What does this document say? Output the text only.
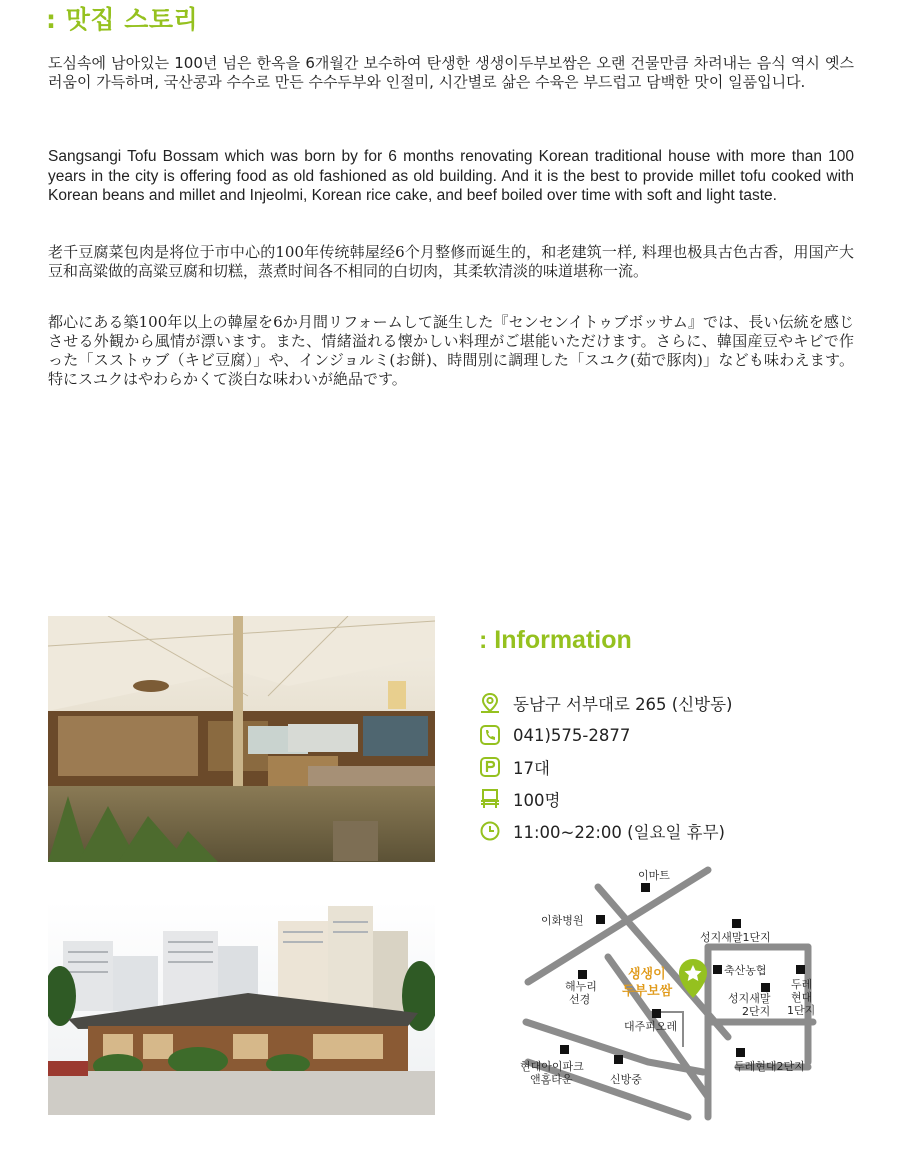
: 맛집 스토리

도심속에 남아있는 100년 넘은 한옥을 6개월간 보수하여 탄생한 생생이두부보쌈은 오랜 건물만큼 차려내는 음식 역시 옛스러움이 가득하며, 국산콩과 수수로 만든 수수두부와 인절미, 시간별로 삶은 수육은 부드럽고 담백한 맛이 일품입니다.

Sangsangi Tofu Bossam which was born by for 6 months renovating Korean traditional house with more than 100 years in the city is offering food as old fashioned as old building. And it is the best to provide millet tofu cooked with Korean beans and millet and Injeolmi, Korean rice cake, and beef boiled over time with soft and light taste.

老千豆腐菜包肉是将位于市中心的100年传统韩屋经6个月整修而诞生的，和老建筑一样, 料理也极具古色古香，用国产大豆和高粱做的高粱豆腐和切糕，蒸煮时间各不相同的白切肉，其柔软清淡的味道堪称一流。

都心にある築100年以上の韓屋を6か月間リフォームして誕生した『センセンイトゥブボッサム』では、長い伝統を感じさせる外観から風情が漂います。また、情緒溢れる懐かしい料理がご堪能いただけます。さらに、韓国産豆やキビで作った「スストゥブ（キビ豆腐）」や、インジョルミ(お餅)、時間別に調理した「スユク(茹で豚肉)」なども味わえます。特にスユクはやわらかくて淡白な味わいが絶品です。

: Information
동남구 서부대로 265 (신방동)
041)575-2877
17대
100명
11:00~22:00 (일요일 휴무)
이마트
이화병원
성지새말1단지
축산농협
두레
현대
1단지
해누리
선경	성지새말
2단지
대주피오레
현대아이파크
앤홈타운	신방중
두레현대2단지
생생이
두부보쌈
